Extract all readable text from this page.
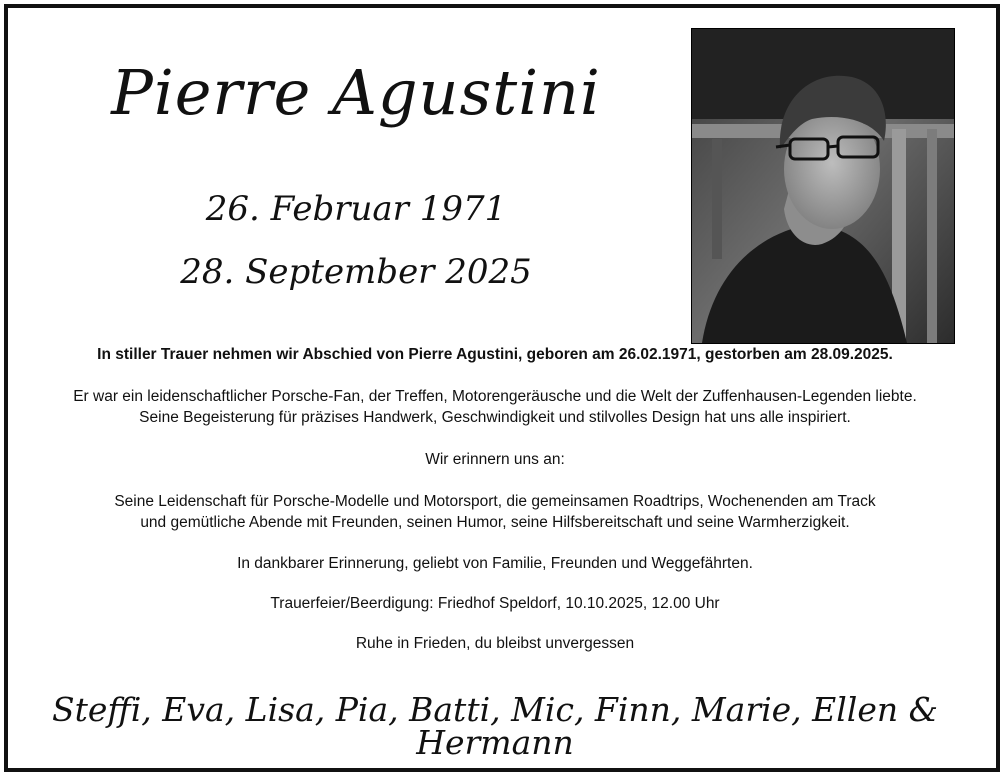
Pierre Agustini
26. Februar 1971
28. September 2025
In stiller Trauer nehmen wir Abschied von Pierre Agustini, geboren am 26.02.1971, gestorben am 28.09.2025.
Er war ein leidenschaftlicher Porsche-Fan, der Treffen, Motorengeräusche und die Welt der Zuffenhausen-Legenden liebte.
Seine Begeisterung für präzises Handwerk, Geschwindigkeit und stilvolles Design hat uns alle inspiriert.
Wir erinnern uns an:
Seine Leidenschaft für Porsche-Modelle und Motorsport, die gemeinsamen Roadtrips, Wochenenden am Track
und gemütliche Abende mit Freunden, seinen Humor, seine Hilfsbereitschaft und seine Warmherzigkeit.
In dankbarer Erinnerung, geliebt von Familie, Freunden und Weggefährten.
Trauerfeier/Beerdigung: Friedhof Speldorf, 10.10.2025, 12.00 Uhr
Ruhe in Frieden, du bleibst unvergessen
Steffi, Eva, Lisa, Pia, Batti, Mic, Finn, Marie, Ellen & Hermann
